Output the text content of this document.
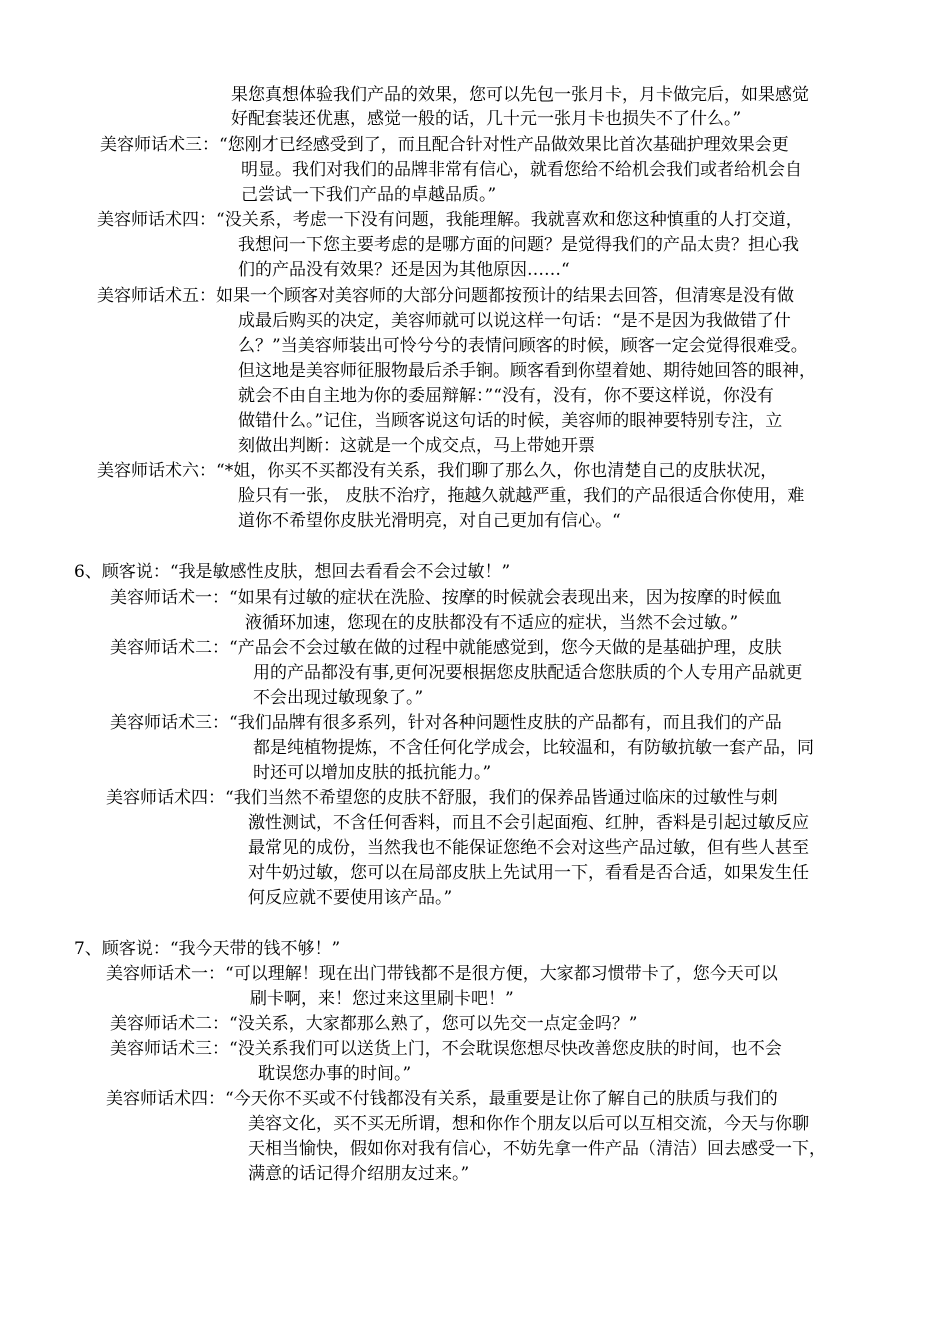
果您真想体验我们产品的效果，您可以先包一张月卡，月卡做完后，如果感觉
好配套装还优惠，感觉一般的话，几十元一张月卡也损失不了什么。”
美容师话术三：“您刚才已经感受到了，而且配合针对性产品做效果比首次基础护理效果会更
明显。我们对我们的品牌非常有信心，就看您给不给机会我们或者给机会自
己尝试一下我们产品的卓越品质。”
美容师话术四：“没关系，考虑一下没有问题，我能理解。我就喜欢和您这种慎重的人打交道，
我想问一下您主要考虑的是哪方面的问题？是觉得我们的产品太贵？担心我
们的产品没有效果？还是因为其他原因……“
美容师话术五：如果一个顾客对美容师的大部分问题都按预计的结果去回答，但清寒是没有做
成最后购买的决定，美容师就可以说这样一句话：“是不是因为我做错了什
么？”当美容师装出可怜兮兮的表情问顾客的时候，顾客一定会觉得很难受。
但这地是美容师征服物最后杀手锏。顾客看到你望着她、期待她回答的眼神，
就会不由自主地为你的委屈辩解：”“没有，没有，你不要这样说，你没有
做错什么。”记住，当顾客说这句话的时候，美容师的眼神要特别专注，立
刻做出判断：这就是一个成交点，马上带她开票
美容师话术六：“*姐，你买不买都没有关系，我们聊了那么久，你也清楚自己的皮肤状况，
脸只有一张， 皮肤不治疗，拖越久就越严重，我们的产品很适合你使用，难
道你不希望你皮肤光滑明亮，对自己更加有信心。“
6、顾客说：“我是敏感性皮肤，想回去看看会不会过敏！”
美容师话术一：“如果有过敏的症状在洗脸、按摩的时候就会表现出来，因为按摩的时候血
液循环加速，您现在的皮肤都没有不适应的症状，当然不会过敏。”
美容师话术二：“产品会不会过敏在做的过程中就能感觉到，您今天做的是基础护理，皮肤
用的产品都没有事,更何况要根据您皮肤配适合您肤质的个人专用产品就更
不会出现过敏现象了。”
美容师话术三：“我们品牌有很多系列，针对各种问题性皮肤的产品都有，而且我们的产品
都是纯植物提炼，不含任何化学成会，比较温和，有防敏抗敏一套产品，同
时还可以增加皮肤的抵抗能力。”
美容师话术四：“我们当然不希望您的皮肤不舒服，我们的保养品皆通过临床的过敏性与刺
激性测试，不含任何香料，而且不会引起面疱、红肿，香料是引起过敏反应
最常见的成份，当然我也不能保证您绝不会对这些产品过敏，但有些人甚至
对牛奶过敏，您可以在局部皮肤上先试用一下，看看是否合适，如果发生任
何反应就不要使用该产品。”
7、顾客说：“我今天带的钱不够！”
美容师话术一：“可以理解！现在出门带钱都不是很方便，大家都习惯带卡了，您今天可以
刷卡啊，来！您过来这里刷卡吧！”
美容师话术二：“没关系，大家都那么熟了，您可以先交一点定金吗？”
美容师话术三：“没关系我们可以送货上门，不会耽误您想尽快改善您皮肤的时间，也不会
耽误您办事的时间。”
美容师话术四：“今天你不买或不付钱都没有关系，最重要是让你了解自己的肤质与我们的
美容文化，买不买无所谓，想和你作个朋友以后可以互相交流，今天与你聊
天相当愉快，假如你对我有信心，不妨先拿一件产品（清洁）回去感受一下，
满意的话记得介绍朋友过来。”
